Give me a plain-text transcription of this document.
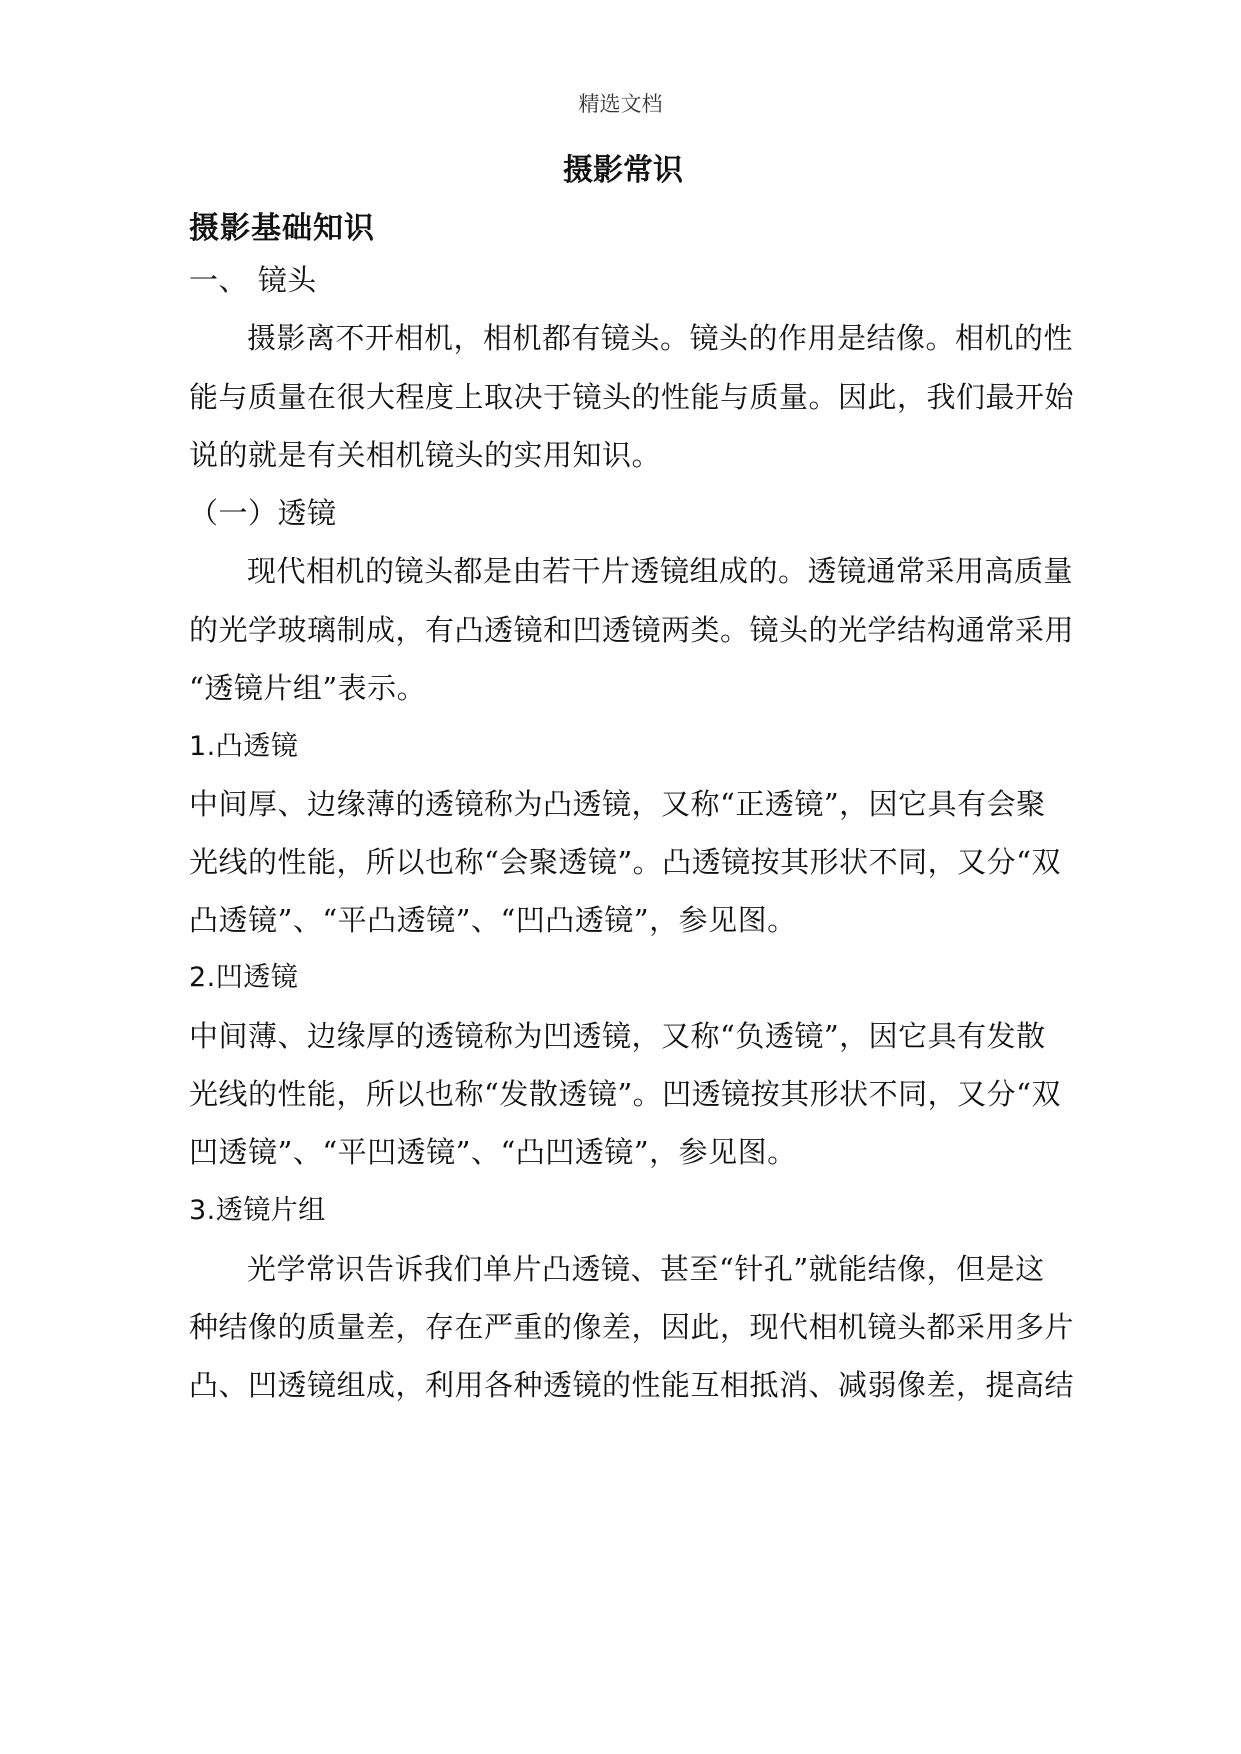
精选文档
摄影常识
摄影基础知识
一、 镜头
摄影离不开相机，相机都有镜头。镜头的作用是结像。相机的性
能与质量在很大程度上取决于镜头的性能与质量。因此，我们最开始
说的就是有关相机镜头的实用知识。
（一）透镜
现代相机的镜头都是由若干片透镜组成的。透镜通常采用高质量
的光学玻璃制成，有凸透镜和凹透镜两类。镜头的光学结构通常采用
“透镜片组”表示。
1.凸透镜
中间厚、边缘薄的透镜称为凸透镜，又称“正透镜”，因它具有会聚
光线的性能，所以也称“会聚透镜”。凸透镜按其形状不同，又分“双
凸透镜”、“平凸透镜”、“凹凸透镜”，参见图。
2.凹透镜
中间薄、边缘厚的透镜称为凹透镜，又称“负透镜”，因它具有发散
光线的性能，所以也称“发散透镜”。凹透镜按其形状不同，又分“双
凹透镜”、“平凹透镜”、“凸凹透镜”，参见图。
3.透镜片组
光学常识告诉我们单片凸透镜、甚至“针孔”就能结像，但是这
种结像的质量差，存在严重的像差，因此，现代相机镜头都采用多片
凸、凹透镜组成，利用各种透镜的性能互相抵消、减弱像差，提高结
